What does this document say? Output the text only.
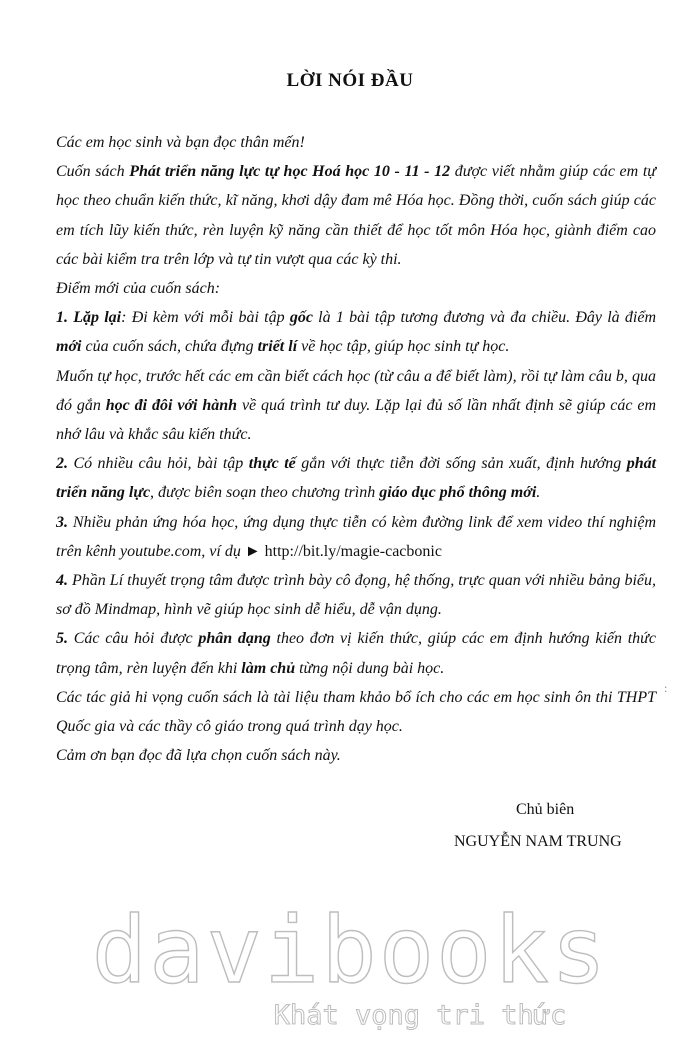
LỜI NÓI ĐẦU

Các em học sinh và bạn đọc thân mến!

Cuốn sách Phát triển năng lực tự học Hoá học 10 - 11 - 12 được viết nhằm giúp các em tự học theo chuẩn kiến thức, kĩ năng, khơi dậy đam mê Hóa học. Đồng thời, cuốn sách giúp các em tích lũy kiến thức, rèn luyện kỹ năng cần thiết để học tốt môn Hóa học, giành điểm cao các bài kiểm tra trên lớp và tự tin vượt qua các kỳ thi.

Điểm mới của cuốn sách:

1. Lặp lại: Đi kèm với mỗi bài tập gốc là 1 bài tập tương đương và đa chiều. Đây là điểm mới của cuốn sách, chứa đựng triết lí về học tập, giúp học sinh tự học.

Muốn tự học, trước hết các em cần biết cách học (từ câu a để biết làm), rồi tự làm câu b, qua đó gắn học đi đôi với hành về quá trình tư duy. Lặp lại đủ số lần nhất định sẽ giúp các em nhớ lâu và khắc sâu kiến thức.

2. Có nhiều câu hỏi, bài tập thực tế gắn với thực tiễn đời sống sản xuất, định hướng phát triển năng lực, được biên soạn theo chương trình giáo dục phổ thông mới.

3. Nhiều phản ứng hóa học, ứng dụng thực tiễn có kèm đường link để xem video thí nghiệm trên kênh youtube.com, ví dụ ► http://bit.ly/magie-cacbonic

4. Phần Lí thuyết trọng tâm được trình bày cô đọng, hệ thống, trực quan với nhiều bảng biểu, sơ đồ Mindmap, hình vẽ giúp học sinh dễ hiểu, dễ vận dụng.

5. Các câu hỏi được phân dạng theo đơn vị kiến thức, giúp các em định hướng kiến thức trọng tâm, rèn luyện đến khi làm chủ từng nội dung bài học.

Các tác giả hi vọng cuốn sách là tài liệu tham khảo bổ ích cho các em học sinh ôn thi THPT Quốc gia và các thầy cô giáo trong quá trình dạy học.

Cảm ơn bạn đọc đã lựa chọn cuốn sách này.

Chủ biên
NGUYỄN NAM TRUNG
:
davibooks
Khát vọng tri thức
